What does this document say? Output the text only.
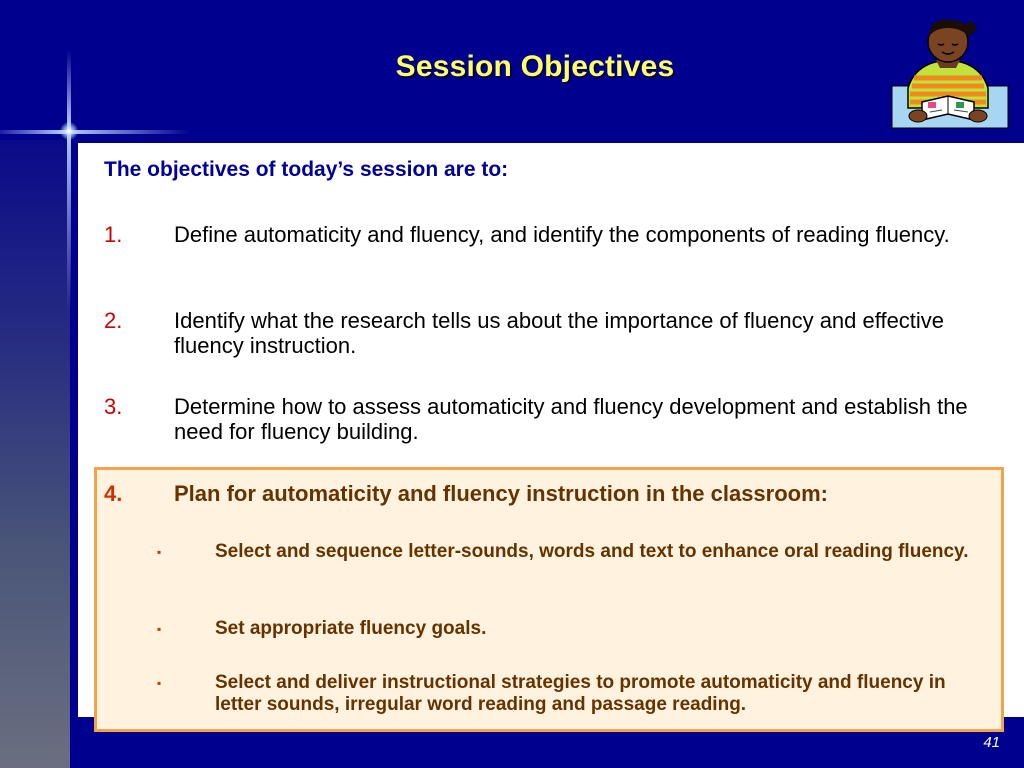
Session Objectives
The objectives of today’s session are to:
1. Define automaticity and fluency, and identify the components of reading fluency.
2. Identify what the research tells us about the importance of fluency and effective fluency instruction.
3. Determine how to assess automaticity and fluency development and establish the need for fluency building.
4. Plan for automaticity and fluency instruction in the classroom:
▪	Select and sequence letter-sounds, words and text to enhance oral reading fluency.
▪	Set appropriate fluency goals.
▪	Select and deliver instructional strategies to promote automaticity and fluency in letter sounds, irregular word reading and passage reading.
41
